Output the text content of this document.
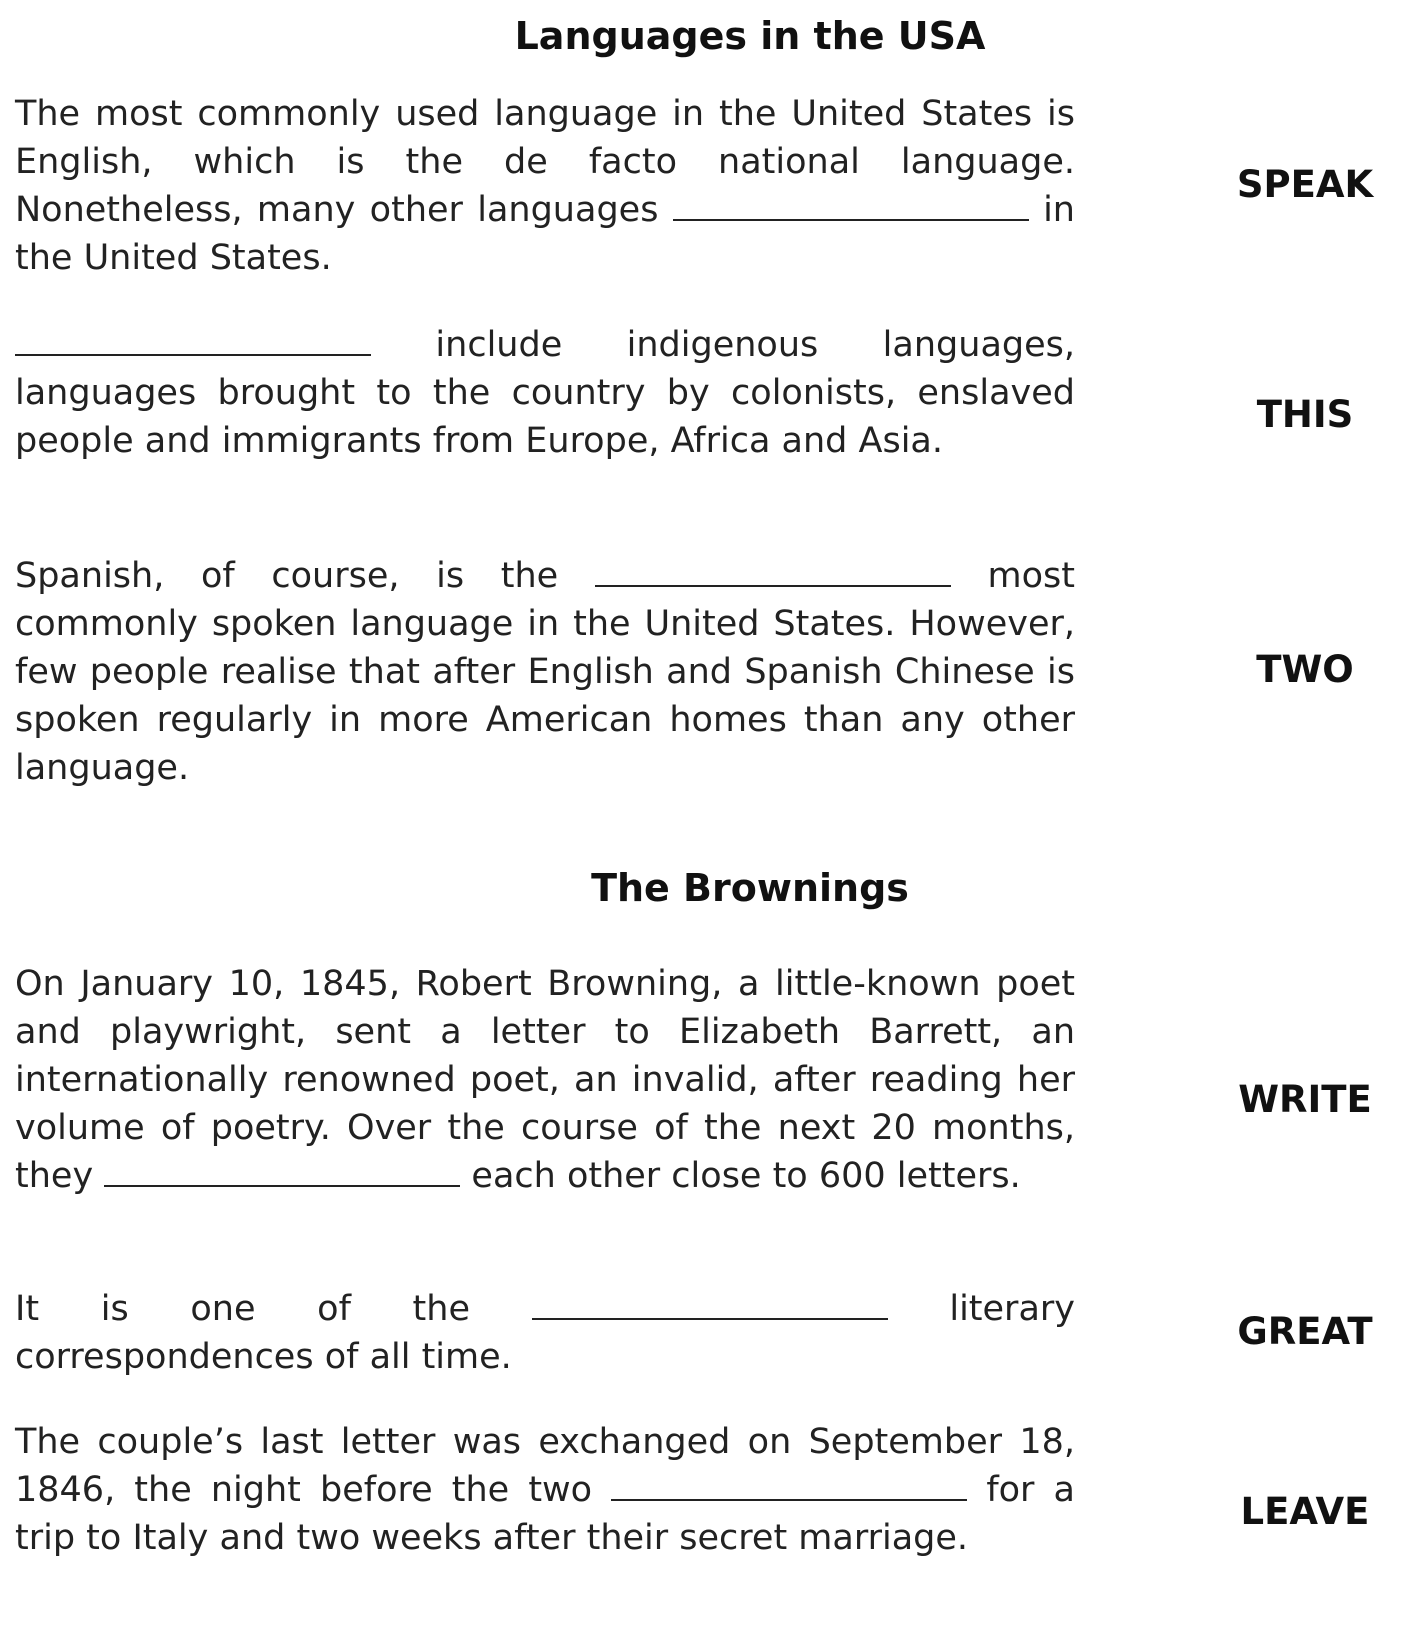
Languages in the USA

The most commonly used language in the United States is English, which is the de facto national language. Nonetheless, many other languages	in the United States.

SPEAK

include indigenous languages, languages brought to the country by colonists, enslaved people and immigrants from Europe, Africa and Asia.

THIS

Spanish, of course, is the	most commonly spoken language in the United States. However, few people realise that after English and Spanish Chinese is spoken regularly in more American homes than any other language.

TWO
The Brownings

On January 10, 1845, Robert Browning, a little-known poet and playwright, sent a letter to Elizabeth Barrett, an internationally renowned poet, an invalid, after reading her volume of poetry. Over the course of the next 20 months, they	each other close to 600 letters.

WRITE

It is one of the	literary correspondences of all time.

GREAT

The couple’s last letter was exchanged on September 18, 1846, the night before the two	for a trip to Italy and two weeks after their secret marriage.

LEAVE
